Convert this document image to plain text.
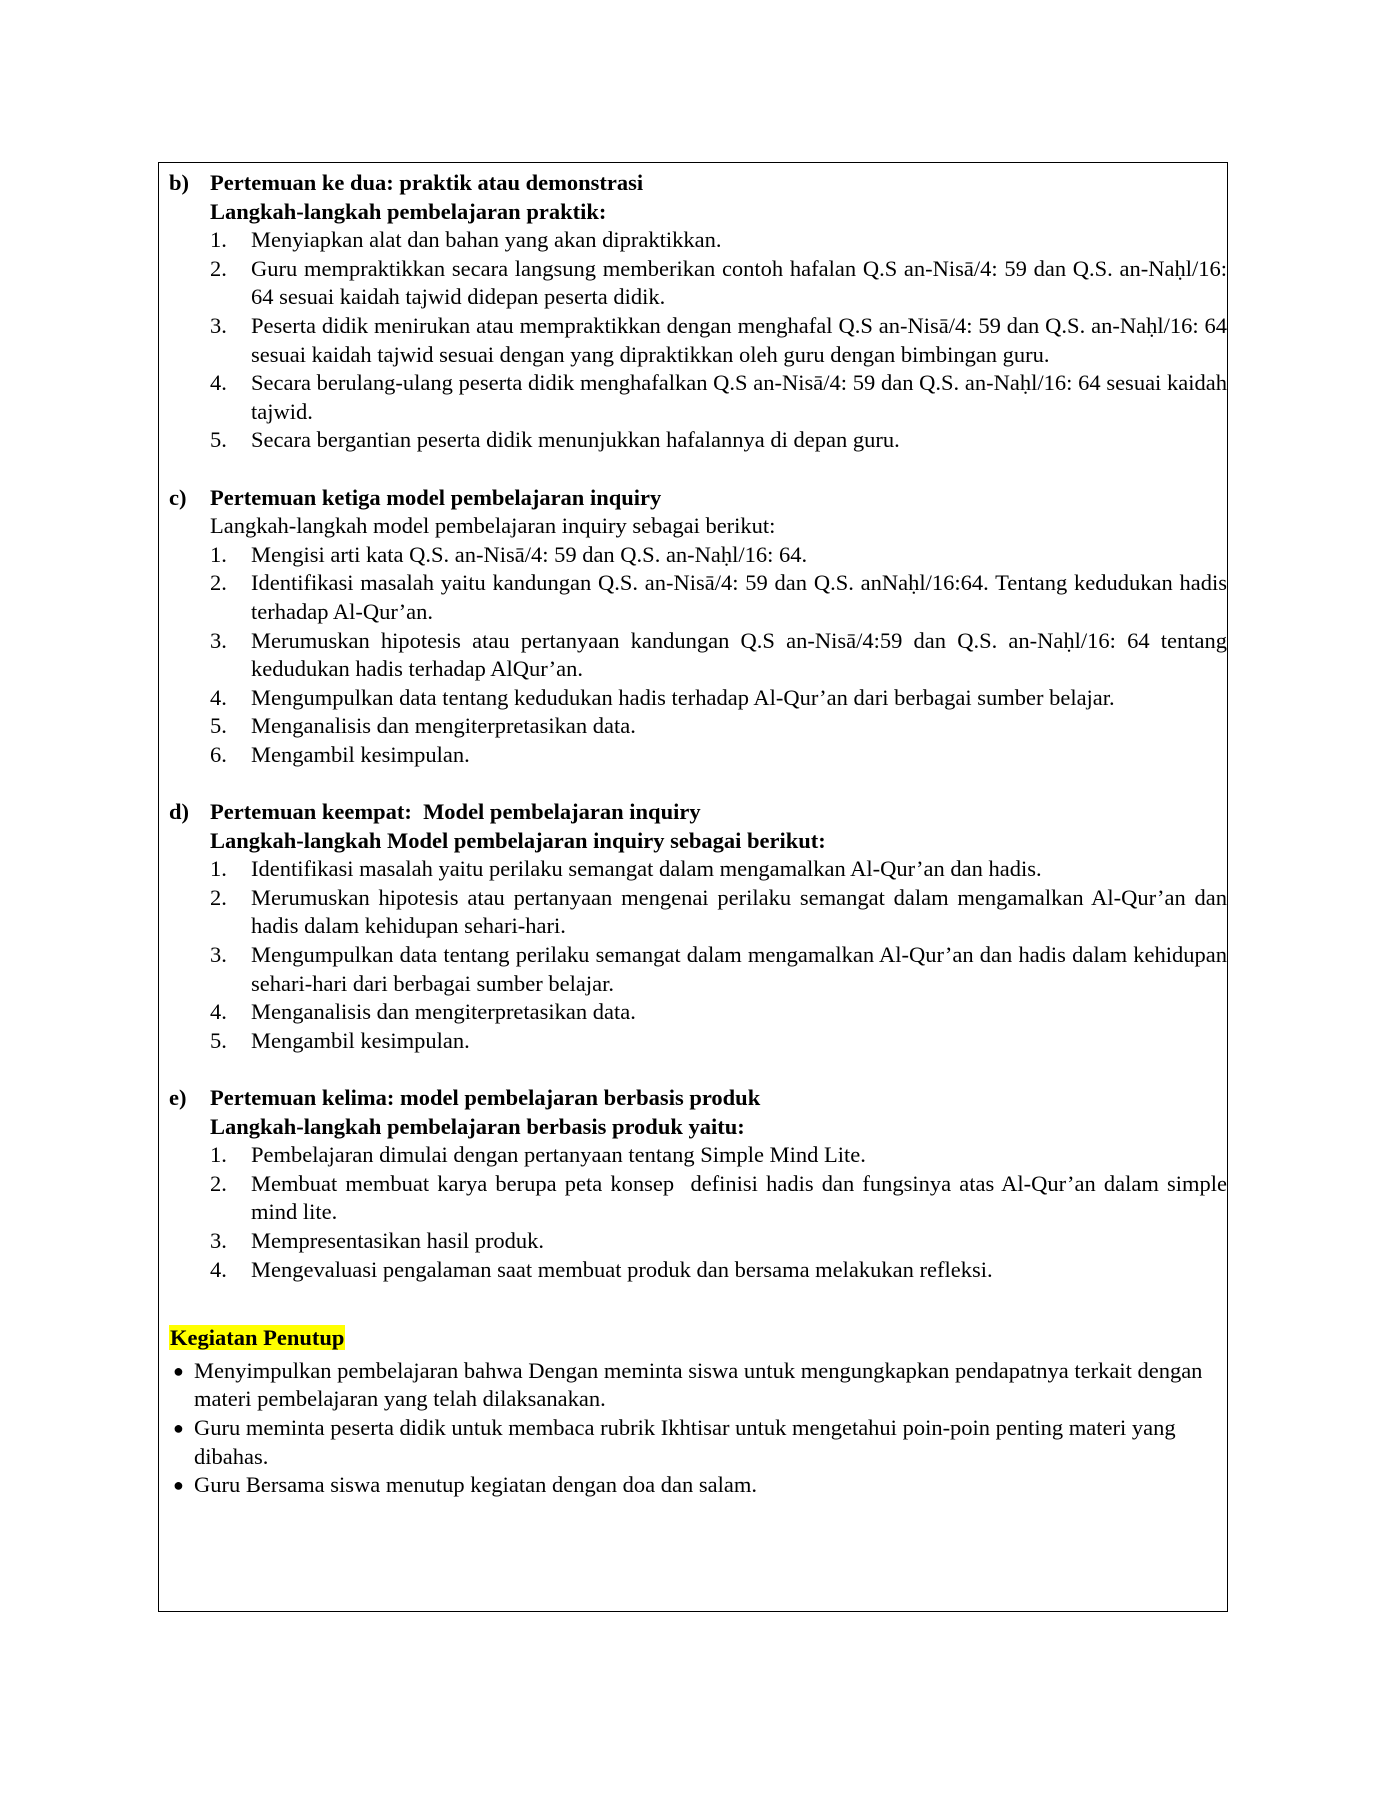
b) Pertemuan ke dua: praktik atau demonstrasi
Langkah-langkah pembelajaran praktik:
1. Menyiapkan alat dan bahan yang akan dipraktikkan.
2. Guru mempraktikkan secara langsung memberikan contoh hafalan Q.S an-Nisā/4: 59 dan Q.S. an-Naḥl/16: 64 sesuai kaidah tajwid didepan peserta didik.
3. Peserta didik menirukan atau mempraktikkan dengan menghafal Q.S an-Nisā/4: 59 dan Q.S. an-Naḥl/16: 64 sesuai kaidah tajwid sesuai dengan yang dipraktikkan oleh guru dengan bimbingan guru.
4. Secara berulang-ulang peserta didik menghafalkan Q.S an-Nisā/4: 59 dan Q.S. an-Naḥl/16: 64 sesuai kaidah tajwid.
5. Secara bergantian peserta didik menunjukkan hafalannya di depan guru.
c) Pertemuan ketiga model pembelajaran inquiry
Langkah-langkah model pembelajaran inquiry sebagai berikut:
1. Mengisi arti kata Q.S. an-Nisā/4: 59 dan Q.S. an-Naḥl/16: 64.
2. Identifikasi masalah yaitu kandungan Q.S. an-Nisā/4: 59 dan Q.S. anNaḥl/16:64. Tentang kedudukan hadis terhadap Al-Qur’an.
3. Merumuskan hipotesis atau pertanyaan kandungan Q.S an-Nisā/4:59 dan Q.S. an-Naḥl/16: 64 tentang kedudukan hadis terhadap AlQur’an.
4. Mengumpulkan data tentang kedudukan hadis terhadap Al-Qur’an dari berbagai sumber belajar.
5. Menganalisis dan mengiterpretasikan data.
6. Mengambil kesimpulan.
d) Pertemuan keempat:  Model pembelajaran inquiry
Langkah-langkah Model pembelajaran inquiry sebagai berikut:
1. Identifikasi masalah yaitu perilaku semangat dalam mengamalkan Al-Qur’an dan hadis.
2. Merumuskan hipotesis atau pertanyaan mengenai perilaku semangat dalam mengamalkan Al-Qur’an dan hadis dalam kehidupan sehari-hari.
3. Mengumpulkan data tentang perilaku semangat dalam mengamalkan Al-Qur’an dan hadis dalam kehidupan sehari-hari dari berbagai sumber belajar.
4. Menganalisis dan mengiterpretasikan data.
5. Mengambil kesimpulan.
e) Pertemuan kelima: model pembelajaran berbasis produk
Langkah-langkah pembelajaran berbasis produk yaitu:
1. Pembelajaran dimulai dengan pertanyaan tentang Simple Mind Lite.
2. Membuat membuat karya berupa peta konsep  definisi hadis dan fungsinya atas Al-Qur’an dalam simple mind lite.
3. Mempresentasikan hasil produk.
4. Mengevaluasi pengalaman saat membuat produk dan bersama melakukan refleksi.
Kegiatan Penutup
● Menyimpulkan pembelajaran bahwa Dengan meminta siswa untuk mengungkapkan pendapatnya terkait dengan materi pembelajaran yang telah dilaksanakan.
● Guru meminta peserta didik untuk membaca rubrik Ikhtisar untuk mengetahui poin-poin penting materi yang dibahas.
● Guru Bersama siswa menutup kegiatan dengan doa dan salam.
